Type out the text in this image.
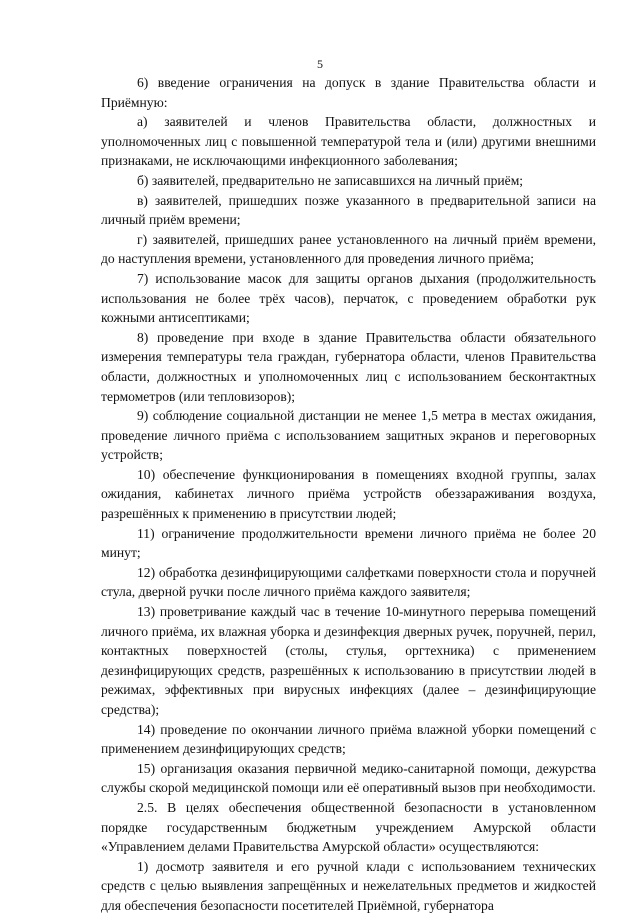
5

6) введение ограничения на допуск в здание Правительства области и Приёмную:

а) заявителей и членов Правительства области, должностных и уполномоченных лиц с повышенной температурой тела и (или) другими внешними признаками, не исключающими инфекционного заболевания;

б) заявителей, предварительно не записавшихся на личный приём;

в) заявителей, пришедших позже указанного в предварительной записи на личный приём времени;

г) заявителей, пришедших ранее установленного на личный приём времени, до наступления времени, установленного для проведения личного приёма;

7) использование масок для защиты органов дыхания (продолжительность использования не более трёх часов), перчаток, с проведением обработки рук кожными антисептиками;

8) проведение при входе в здание Правительства области обязательного измерения температуры тела граждан, губернатора области, членов Правительства области, должностных и уполномоченных лиц с использованием бесконтактных термометров (или тепловизоров);

9) соблюдение социальной дистанции не менее 1,5 метра в местах ожидания, проведение личного приёма с использованием защитных экранов и переговорных устройств;

10) обеспечение функционирования в помещениях входной группы, залах ожидания, кабинетах личного приёма устройств обеззараживания воздуха, разрешённых к применению в присутствии людей;

11) ограничение продолжительности времени личного приёма не более 20 минут;

12) обработка дезинфицирующими салфетками поверхности стола и поручней стула, дверной ручки после личного приёма каждого заявителя;

13) проветривание каждый час в течение 10-минутного перерыва помещений личного приёма, их влажная уборка и дезинфекция дверных ручек, поручней, перил, контактных поверхностей (столы, стулья, оргтехника) с применением дезинфицирующих средств, разрешённых к использованию в присутствии людей в режимах, эффективных при вирусных инфекциях (далее – дезинфицирующие средства);

14) проведение по окончании личного приёма влажной уборки помещений с применением дезинфицирующих средств;

15) организация оказания первичной медико-санитарной помощи, дежурства службы скорой медицинской помощи или её оперативный вызов при необходимости.

2.5. В целях обеспечения общественной безопасности в установленном порядке государственным бюджетным учреждением Амурской области «Управлением делами Правительства Амурской области» осуществляются:

1) досмотр заявителя и его ручной клади с использованием технических средств с целью выявления запрещённых и нежелательных предметов и жидкостей для обеспечения безопасности посетителей Приёмной, губернатора
